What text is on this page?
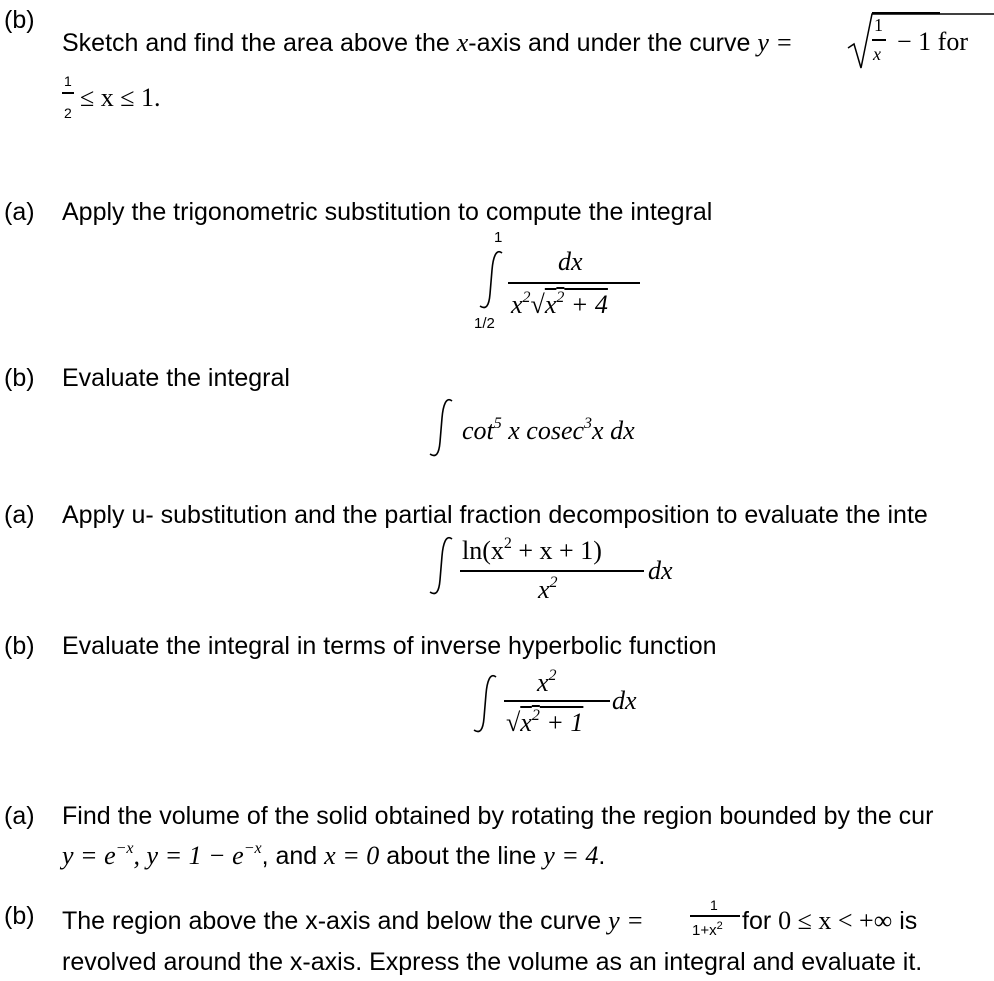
(b)
Sketch and find the area above the x-axis and under the curve y =
1
x − 1 for
1
2
≤ x ≤ 1.
(a) Apply the trigonometric substitution to compute the integral
1
1/2
dx
$x^2√x^2 + 4$
(b) Evaluate the integral
$\cot^5 x$ cosec$^3$x dx
(a) Apply u- substitution and the partial fraction decomposition to evaluate the inte
$\ln(x^2 + x + 1)$
$x^2$	dx
(b) Evaluate the integral in terms of inverse hyperbolic function
$x^2$
$√x^2 + 1$
dx
(a) Find the volume of the solid obtained by rotating the region bounded by the cur
$y = e^{-x}$, $y = 1 - e^{-x}$, and x = 0 about the line y = 4.
(b) The region above the x-axis and below the curve y =
1
$1+x^2$ for 0 ≤ x < +∞ is
revolved around the x-axis. Express the volume as an integral and evaluate it.
